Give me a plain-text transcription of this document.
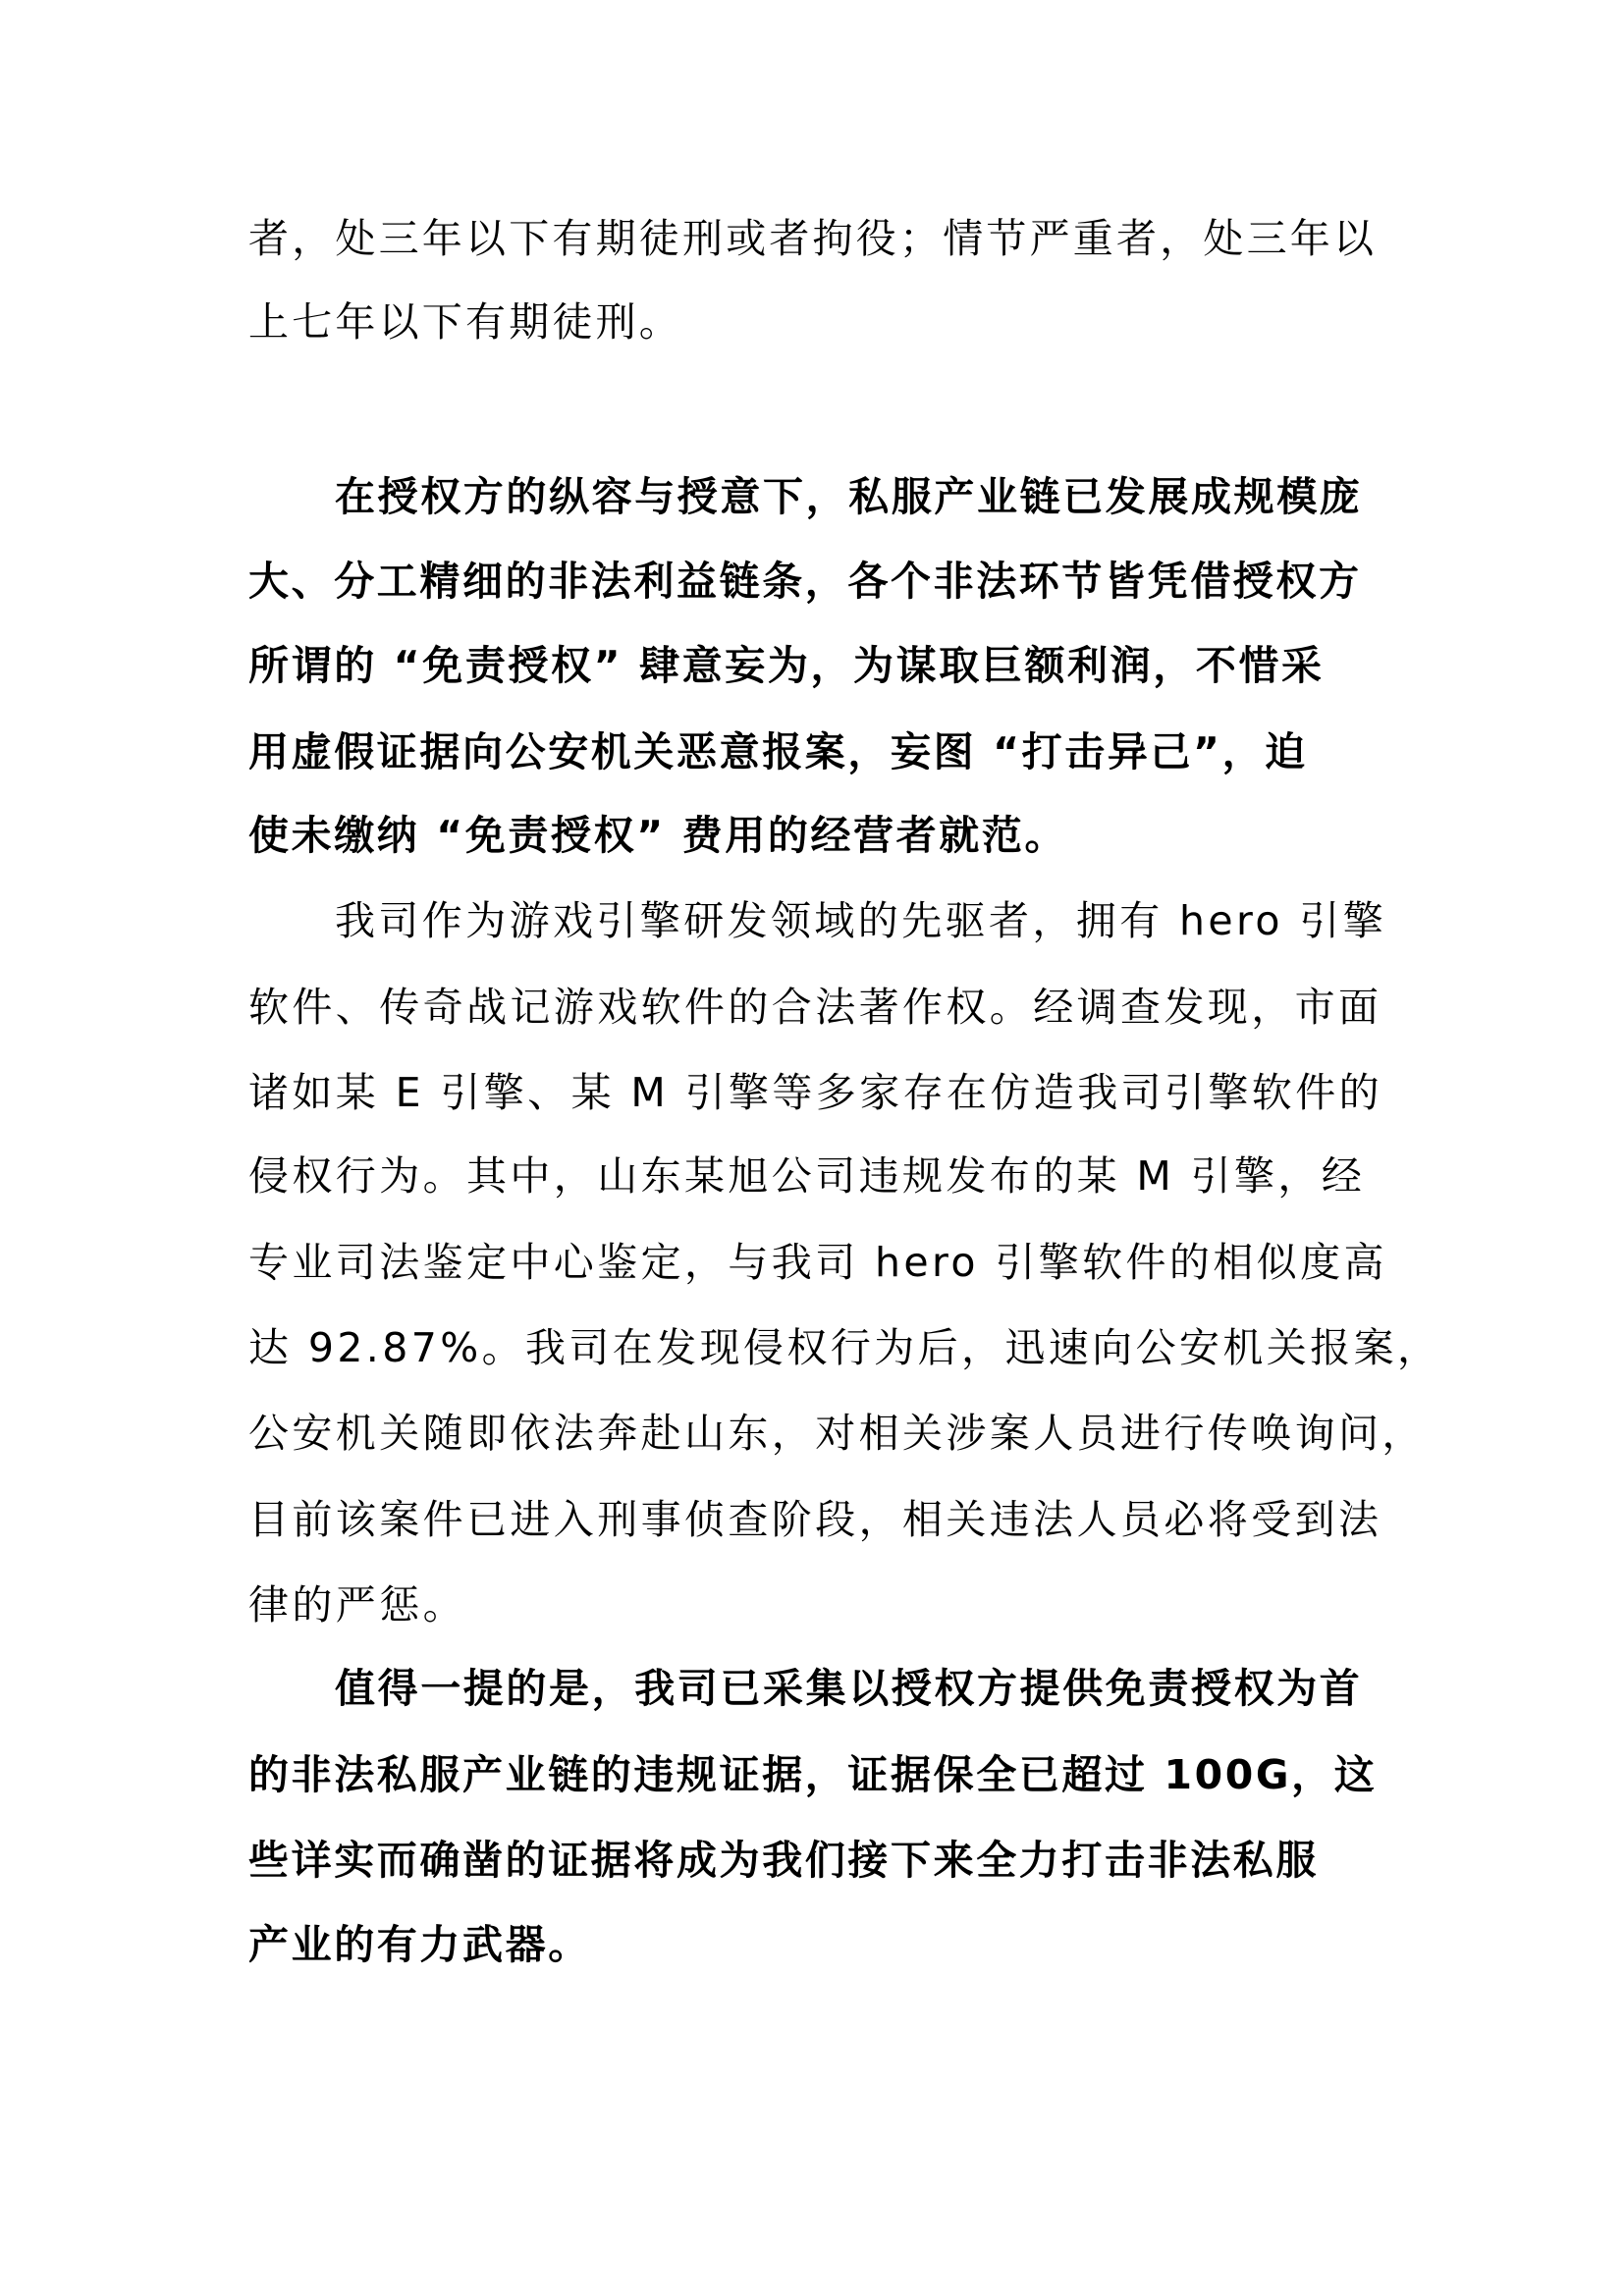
者，处三年以下有期徒刑或者拘役；情节严重者，处三年以
上七年以下有期徒刑。
在授权方的纵容与授意下，私服产业链已发展成规模庞
大、分工精细的非法利益链条，各个非法环节皆凭借授权方
所谓的 “免责授权” 肆意妄为，为谋取巨额利润，不惜采
用虚假证据向公安机关恶意报案，妄图 “打击异己”，迫
使未缴纳 “免责授权” 费用的经营者就范。
我司作为游戏引擎研发领域的先驱者，拥有 hero 引擎
软件、传奇战记游戏软件的合法著作权。经调查发现，市面
诸如某 E 引擎、某 M 引擎等多家存在仿造我司引擎软件的
侵权行为。其中，山东某旭公司违规发布的某 M 引擎，经
专业司法鉴定中心鉴定，与我司 hero 引擎软件的相似度高
达 92.87%。我司在发现侵权行为后，迅速向公安机关报案，
公安机关随即依法奔赴山东，对相关涉案人员进行传唤询问，
目前该案件已进入刑事侦查阶段，相关违法人员必将受到法
律的严惩。
值得一提的是，我司已采集以授权方提供免责授权为首
的非法私服产业链的违规证据，证据保全已超过 100G，这
些详实而确凿的证据将成为我们接下来全力打击非法私服
产业的有力武器。
